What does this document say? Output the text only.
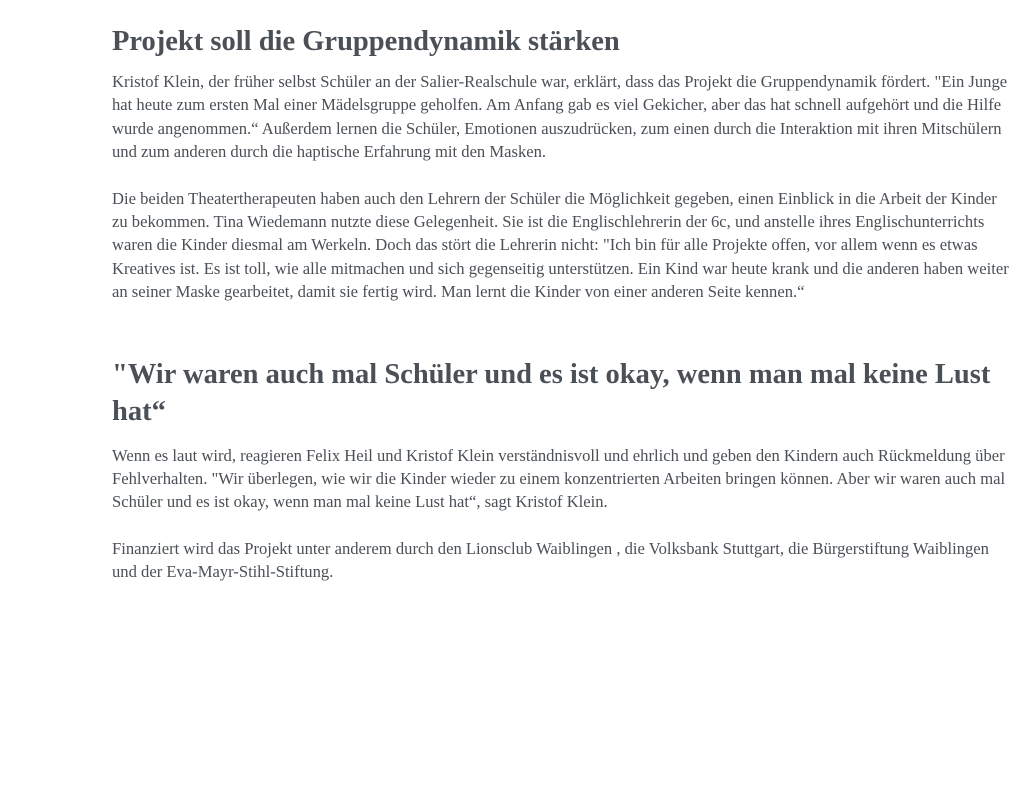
Projekt soll die Gruppendynamik stärken

Kristof Klein, der früher selbst Schüler an der Salier-Realschule war, erklärt, dass das Projekt die Gruppendynamik fördert. "Ein Junge hat heute zum ersten Mal einer Mädelsgruppe geholfen. Am Anfang gab es viel Gekicher, aber das hat schnell aufgehört und die Hilfe wurde angenommen.“ Außerdem lernen die Schüler, Emotionen auszudrücken, zum einen durch die Interaktion mit ihren Mitschülern und zum anderen durch die haptische Erfahrung mit den Masken.

Die beiden Theatertherapeuten haben auch den Lehrern der Schüler die Möglichkeit gegeben, einen Einblick in die Arbeit der Kinder zu bekommen. Tina Wiedemann nutzte diese Gelegenheit. Sie ist die Englischlehrerin der 6c, und anstelle ihres Englischunterrichts waren die Kinder diesmal am Werkeln. Doch das stört die Lehrerin nicht: "Ich bin für alle Projekte offen, vor allem wenn es etwas Kreatives ist. Es ist toll, wie alle mitmachen und sich gegenseitig unterstützen. Ein Kind war heute krank und die anderen haben weiter an seiner Maske gearbeitet, damit sie fertig wird. Man lernt die Kinder von einer anderen Seite kennen.“

"Wir waren auch mal Schüler und es ist okay, wenn man mal keine Lust hat“

Wenn es laut wird, reagieren Felix Heil und Kristof Klein verständnisvoll und ehrlich und geben den Kindern auch Rückmeldung über Fehlverhalten. "Wir überlegen, wie wir die Kinder wieder zu einem konzentrierten Arbeiten bringen können. Aber wir waren auch mal Schüler und es ist okay, wenn man mal keine Lust hat“, sagt Kristof Klein.

Finanziert wird das Projekt unter anderem durch den Lionsclub Waiblingen , die Volksbank Stuttgart, die Bürgerstiftung Waiblingen und der Eva-Mayr-Stihl-Stiftung.
